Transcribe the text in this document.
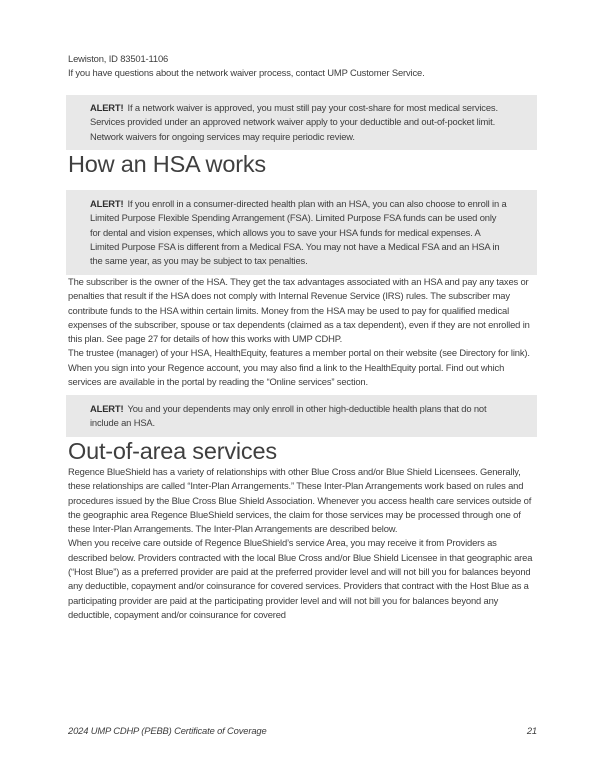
Lewiston, ID 83501-1106

If you have questions about the network waiver process, contact UMP Customer Service.

ALERT! If a network waiver is approved, you must still pay your cost-share for most medical services. Services provided under an approved network waiver apply to your deductible and out-of-pocket limit. Network waivers for ongoing services may require periodic review.

How an HSA works

ALERT! If you enroll in a consumer-directed health plan with an HSA, you can also choose to enroll in a Limited Purpose Flexible Spending Arrangement (FSA). Limited Purpose FSA funds can be used only for dental and vision expenses, which allows you to save your HSA funds for medical expenses. A Limited Purpose FSA is different from a Medical FSA. You may not have a Medical FSA and an HSA in the same year, as you may be subject to tax penalties.

The subscriber is the owner of the HSA. They get the tax advantages associated with an HSA and pay any taxes or penalties that result if the HSA does not comply with Internal Revenue Service (IRS) rules. The subscriber may contribute funds to the HSA within certain limits. Money from the HSA may be used to pay for qualified medical expenses of the subscriber, spouse or tax dependents (claimed as a tax dependent), even if they are not enrolled in this plan. See page 27 for details of how this works with UMP CDHP.

The trustee (manager) of your HSA, HealthEquity, features a member portal on their website (see Directory for link). When you sign into your Regence account, you may also find a link to the HealthEquity portal. Find out which services are available in the portal by reading the “Online services” section.

ALERT! You and your dependents may only enroll in other high-deductible health plans that do not include an HSA.

Out-of-area services

Regence BlueShield has a variety of relationships with other Blue Cross and/or Blue Shield Licensees. Generally, these relationships are called “Inter-Plan Arrangements.” These Inter-Plan Arrangements work based on rules and procedures issued by the Blue Cross Blue Shield Association. Whenever you access health care services outside of the geographic area Regence BlueShield services, the claim for those services may be processed through one of these Inter-Plan Arrangements. The Inter-Plan Arrangements are described below.

When you receive care outside of Regence BlueShield’s service Area, you may receive it from Providers as described below. Providers contracted with the local Blue Cross and/or Blue Shield Licensee in that geographic area (“Host Blue”) as a preferred provider are paid at the preferred provider level and will not bill you for balances beyond any deductible, copayment and/or coinsurance for covered services. Providers that contract with the Host Blue as a participating provider are paid at the participating provider level and will not bill you for balances beyond any deductible, copayment and/or coinsurance for covered

2024 UMP CDHP (PEBB) Certificate of Coverage	21
